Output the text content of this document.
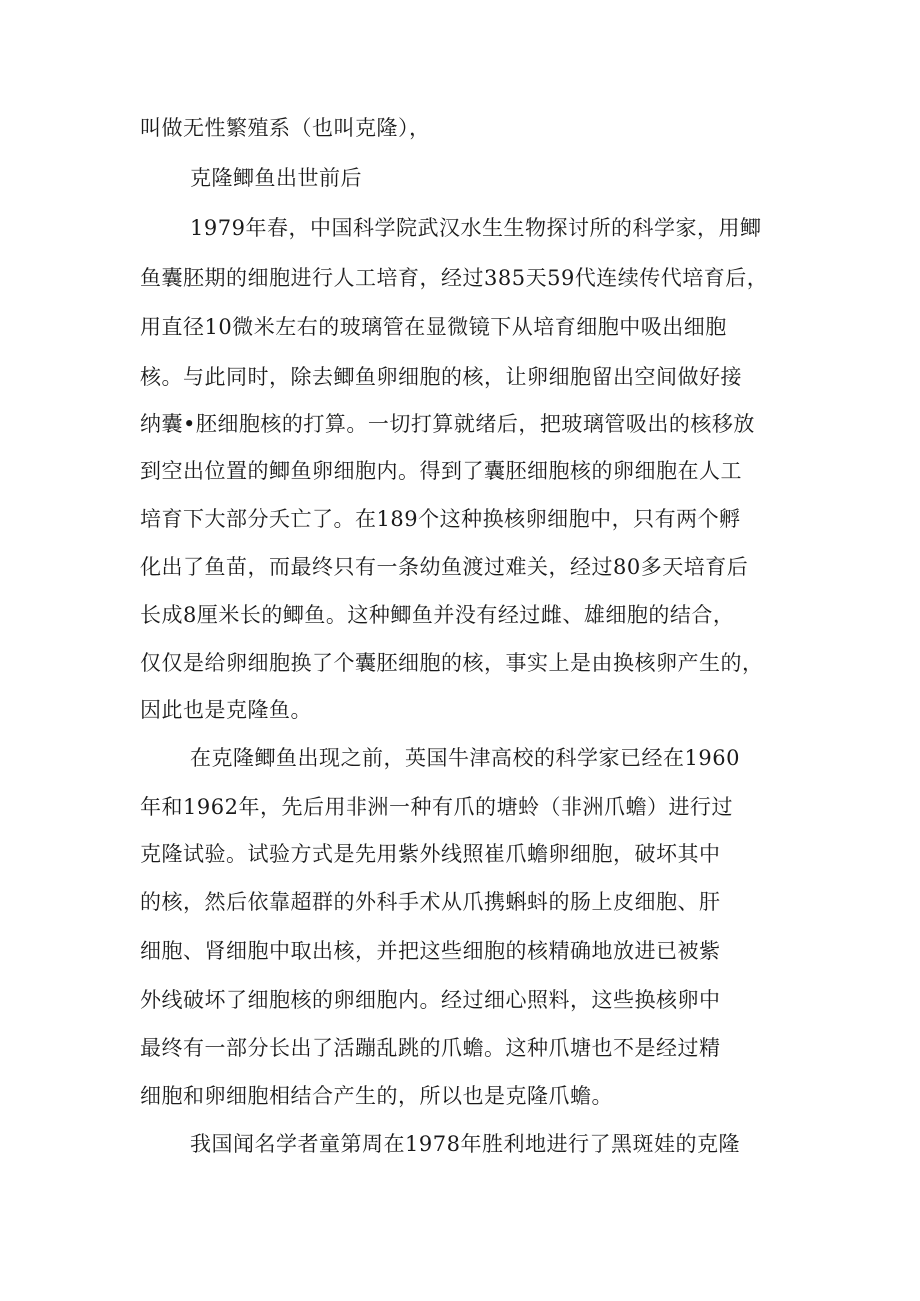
叫做无性繁殖系（也叫克隆），
克隆鲫鱼出世前后
1979年春，中国科学院武汉水生生物探讨所的科学家，用鲫
鱼囊胚期的细胞进行人工培育，经过385天59代连续传代培育后，
用直径10微米左右的玻璃管在显微镜下从培育细胞中吸出细胞
核。与此同时，除去鲫鱼卵细胞的核，让卵细胞留出空间做好接
纳囊•胚细胞核的打算。一切打算就绪后，把玻璃管吸出的核移放
到空出位置的鲫鱼卵细胞内。得到了囊胚细胞核的卵细胞在人工
培育下大部分夭亡了。在189个这种换核卵细胞中，只有两个孵
化出了鱼苗，而最终只有一条幼鱼渡过难关，经过80多天培育后
长成8厘米长的鲫鱼。这种鲫鱼并没有经过雌、雄细胞的结合，
仅仅是给卵细胞换了个囊胚细胞的核，事实上是由换核卵产生的，
因此也是克隆鱼。
在克隆鲫鱼出现之前，英国牛津高校的科学家已经在1960
年和1962年，先后用非洲一种有爪的塘蛉（非洲爪蟾）进行过
克隆试验。试验方式是先用紫外线照崔爪蟾卵细胞，破坏其中
的核，然后依靠超群的外科手术从爪携蝌蚪的肠上皮细胞、肝
细胞、肾细胞中取出核，并把这些细胞的核精确地放进已被紫
外线破坏了细胞核的卵细胞内。经过细心照料，这些换核卵中
最终有一部分长出了活蹦乱跳的爪蟾。这种爪塘也不是经过精
细胞和卵细胞相结合产生的，所以也是克隆爪蟾。
我国闻名学者童第周在1978年胜利地进行了黑斑娃的克隆
